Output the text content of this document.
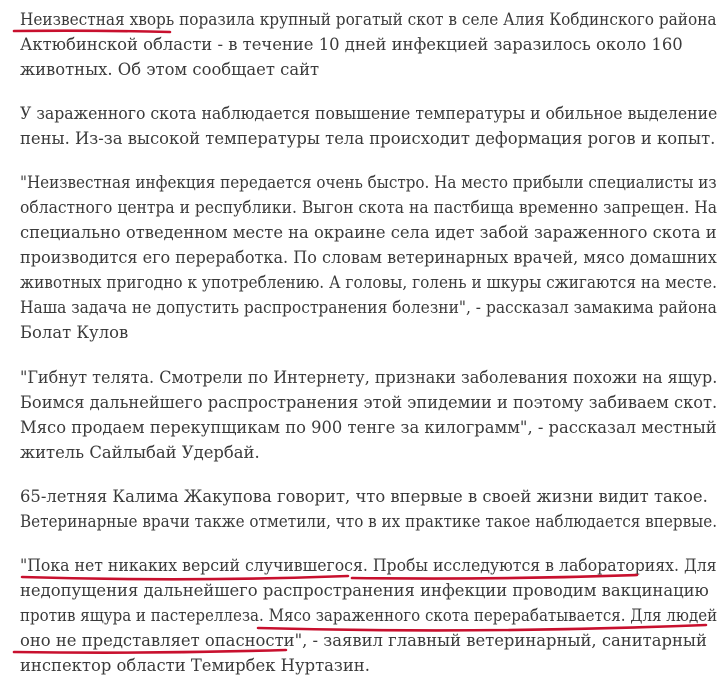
Неизвестная хворь поразила крупный рогатый скот в селе Алия Кобдинского района
Актюбинской области - в течение 10 дней инфекцией заразилось около 160
животных. Об этом сообщает сайт
У зараженного скота наблюдается повышение температуры и обильное выделение
пены. Из-за высокой температуры тела происходит деформация рогов и копыт.
"Неизвестная инфекция передается очень быстро. На место прибыли специалисты из
областного центра и республики. Выгон скота на пастбища временно запрещен. На
специально отведенном месте на окраине села идет забой зараженного скота и
производится его переработка. По словам ветеринарных врачей, мясо домашних
животных пригодно к употреблению. А головы, голень и шкуры сжигаются на месте.
Наша задача не допустить распространения болезни", - рассказал замакима района
Болат Кулов
"Гибнут телята. Смотрели по Интернету, признаки заболевания похожи на ящур.
Боимся дальнейшего распространения этой эпидемии и поэтому забиваем скот.
Мясо продаем перекупщикам по 900 тенге за килограмм", - рассказал местный
житель Сайлыбай Удербай.
65-летняя Калима Жакупова говорит, что впервые в своей жизни видит такое.
Ветеринарные врачи также отметили, что в их практике такое наблюдается впервые.
"Пока нет никаких версий случившегося. Пробы исследуются в лабораториях. Для
недопущения дальнейшего распространения инфекции проводим вакцинацию
против ящура и пастереллеза. Мясо зараженного скота перерабатывается. Для людей
оно не представляет опасности", - заявил главный ветеринарный, санитарный
инспектор области Темирбек Нуртазин.
